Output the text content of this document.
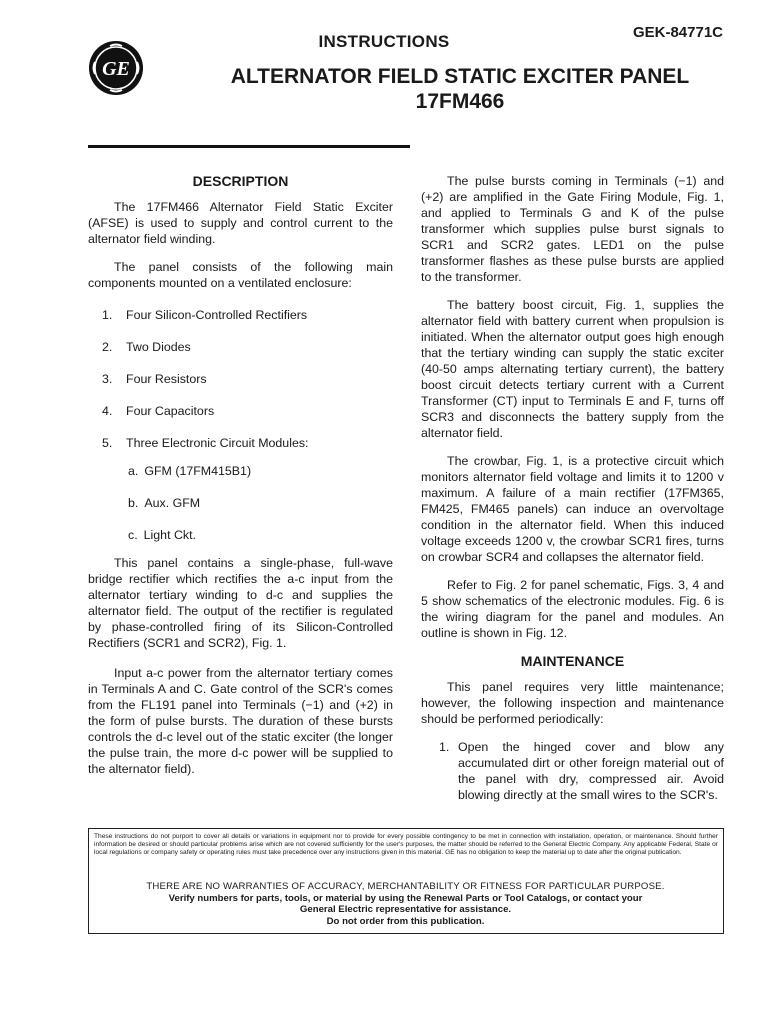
GEK-84771C
GE
INSTRUCTIONS
ALTERNATOR FIELD STATIC EXCITER PANEL
17FM466
DESCRIPTION

The 17FM466 Alternator Field Static Exciter (AFSE) is used to supply and control current to the alternator field winding.

The panel consists of the following main components mounted on a ventilated enclosure:

1. Four Silicon-Controlled Rectifiers
2. Two Diodes
3. Four Resistors
4. Four Capacitors
5. Three Electronic Circuit Modules:
a. GFM (17FM415B1)
b. Aux. GFM
c. Light Ckt.

This panel contains a single-phase, full-wave bridge rectifier which rectifies the a-c input from the alternator tertiary winding to d-c and supplies the alternator field. The output of the rectifier is regulated by phase-controlled firing of its Silicon-Controlled Rectifiers (SCR1 and SCR2), Fig. 1.

Input a-c power from the alternator tertiary comes in Terminals A and C. Gate control of the SCR's comes from the FL191 panel into Terminals (−1) and (+2) in the form of pulse bursts. The duration of these bursts controls the d-c level out of the static exciter (the longer the pulse train, the more d-c power will be supplied to the alternator field).

The pulse bursts coming in Terminals (−1) and (+2) are amplified in the Gate Firing Module, Fig. 1, and applied to Terminals G and K of the pulse transformer which supplies pulse burst signals to SCR1 and SCR2 gates. LED1 on the pulse transformer flashes as these pulse bursts are applied to the transformer.

The battery boost circuit, Fig. 1, supplies the alternator field with battery current when propulsion is initiated. When the alternator output goes high enough that the tertiary winding can supply the static exciter (40-50 amps alternating tertiary current), the battery boost circuit detects tertiary current with a Current Transformer (CT) input to Terminals E and F, turns off SCR3 and disconnects the battery supply from the alternator field.

The crowbar, Fig. 1, is a protective circuit which monitors alternator field voltage and limits it to 1200 v maximum. A failure of a main rectifier (17FM365, FM425, FM465 panels) can induce an overvoltage condition in the alternator field. When this induced voltage exceeds 1200 v, the crowbar SCR1 fires, turns on crowbar SCR4 and collapses the alternator field.

Refer to Fig. 2 for panel schematic, Figs. 3, 4 and 5 show schematics of the electronic modules. Fig. 6 is the wiring diagram for the panel and modules. An outline is shown in Fig. 12.

MAINTENANCE

This panel requires very little maintenance; however, the following inspection and maintenance should be performed periodically:

1. Open the hinged cover and blow any accumulated dirt or other foreign material out of the panel with dry, compressed air. Avoid blowing directly at the small wires to the SCR's.
These instructions do not purport to cover all details or variations in equipment nor to provide for every possible contingency to be met in connection with installation, operation, or maintenance. Should further information be desired or should particular problems arise which are not covered sufficiently for the user's purposes, the matter should be referred to the General Electric Company. Any applicable Federal, State or local regulations or company safety or operating rules must take precedence over any instructions given in this material. GE has no obligation to keep the material up to date after the original publication.
THERE ARE NO WARRANTIES OF ACCURACY, MERCHANTABILITY OR FITNESS FOR PARTICULAR PURPOSE.
Verify numbers for parts, tools, or material by using the Renewal Parts or Tool Catalogs, or contact your
General Electric representative for assistance.
Do not order from this publication.
